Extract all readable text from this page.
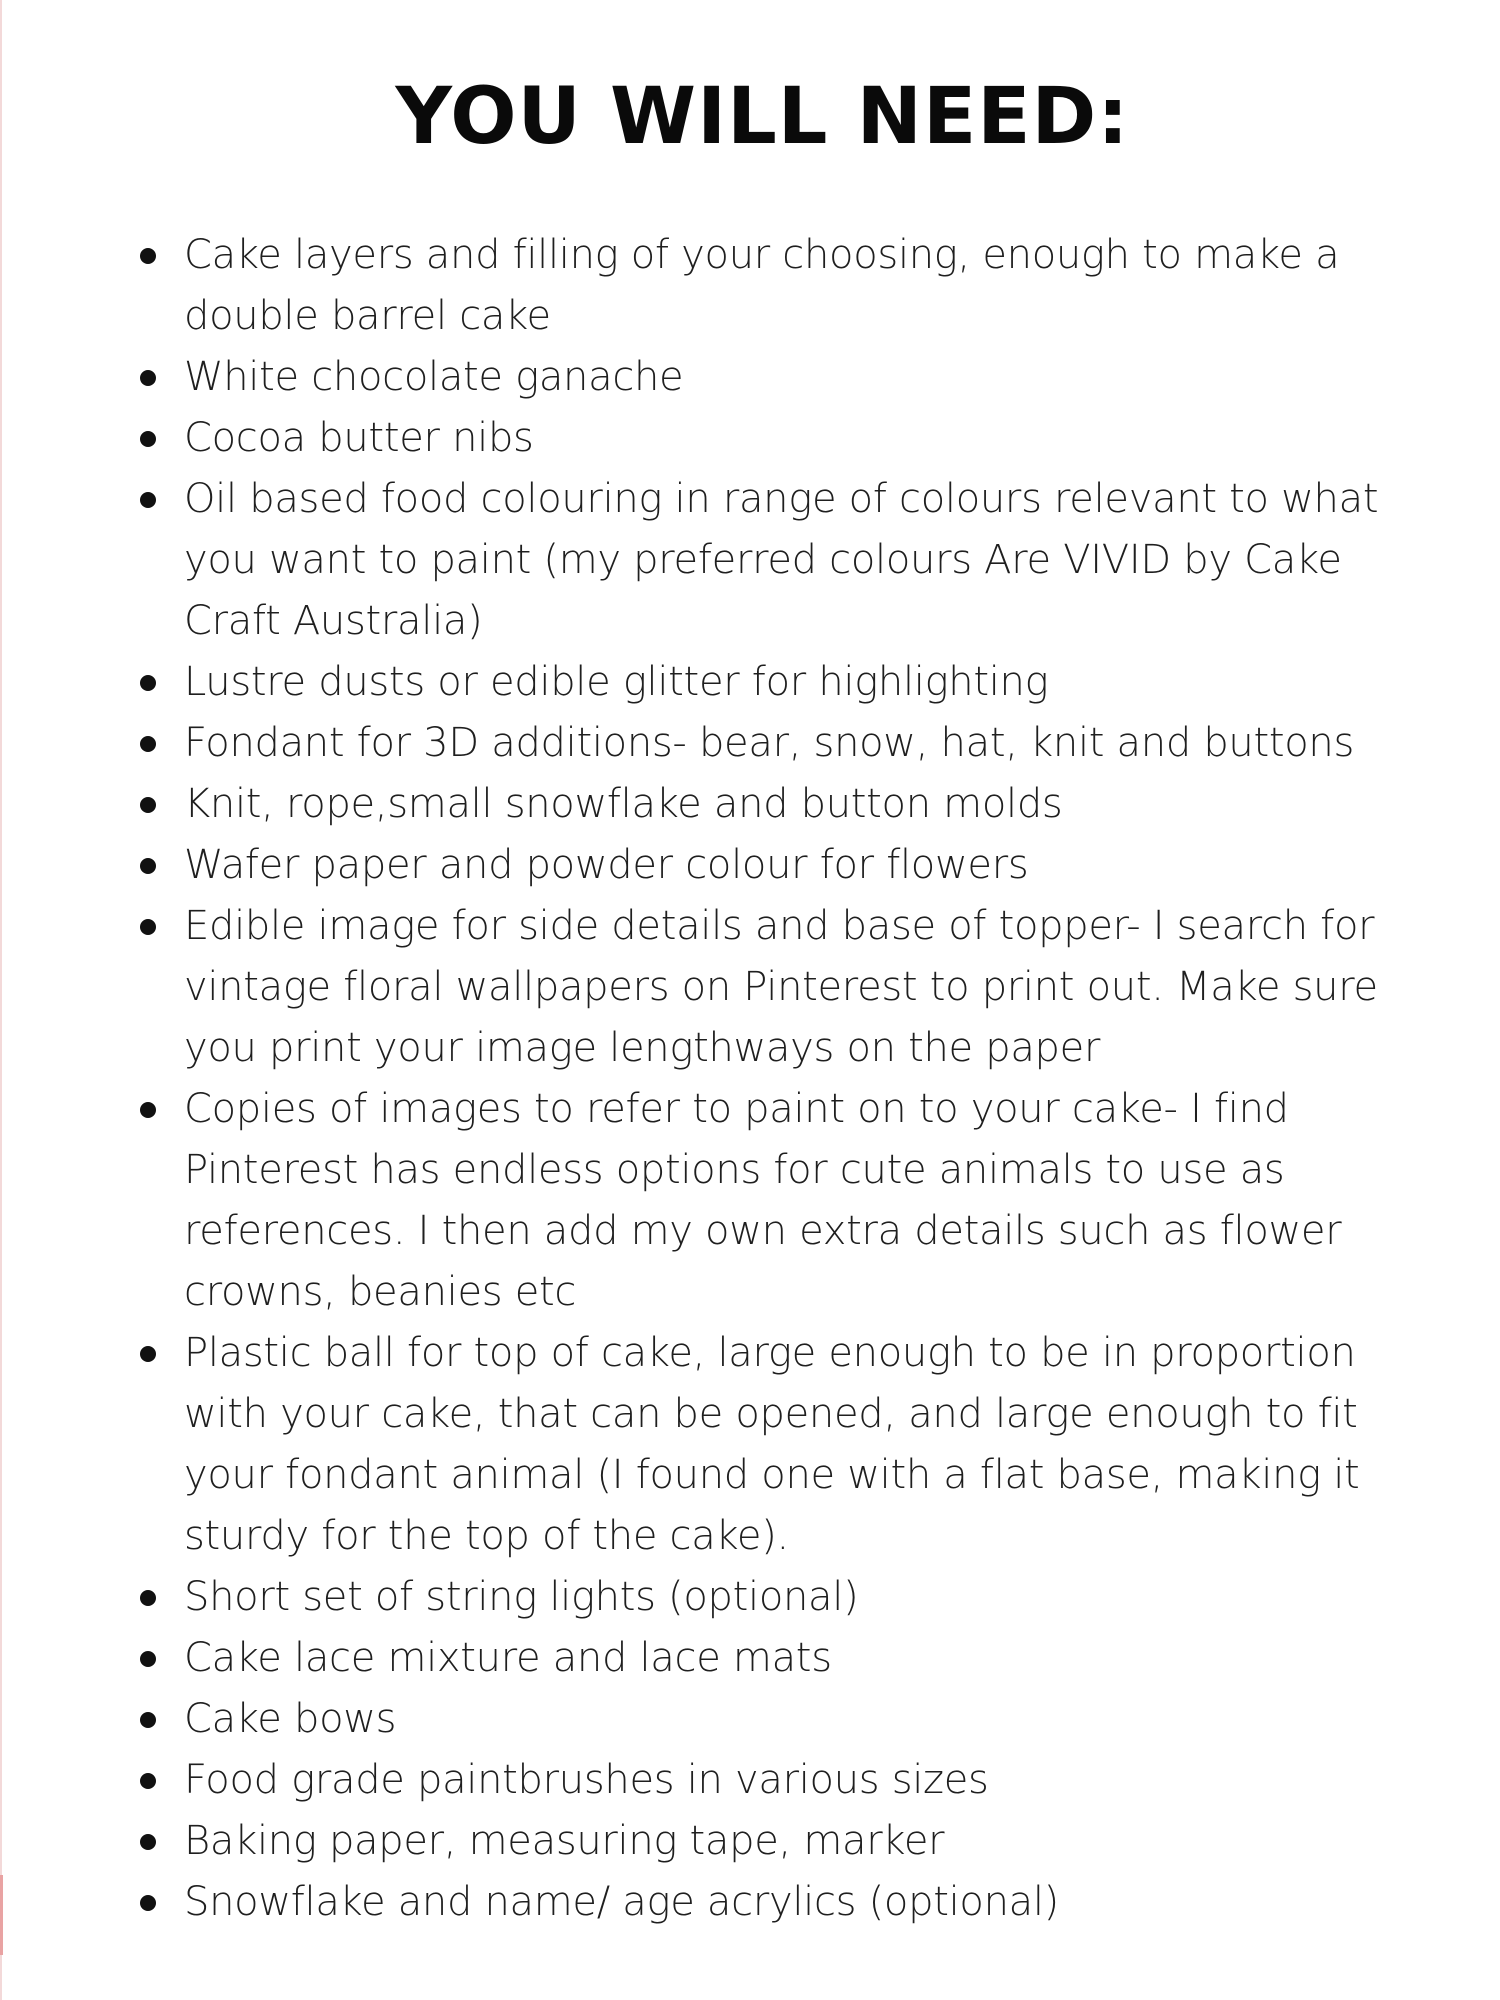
YOU WILL NEED:
Cake layers and filling of your choosing, enough to make a double barrel cake
White chocolate ganache
Cocoa butter nibs
Oil based food colouring in range of colours relevant to what you want to paint (my preferred colours Are VIVID by Cake Craft Australia)
Lustre dusts or edible glitter for highlighting
Fondant for 3D additions- bear, snow, hat, knit and buttons
Knit, rope,small snowflake and button molds
Wafer paper and powder colour for flowers
Edible image for side details and base of topper- I search for vintage floral wallpapers on Pinterest to print out. Make sure you print your image lengthways on the paper
Copies of images to refer to paint on to your cake- I find Pinterest has endless options for cute animals to use as references. I then add my own extra details such as flower crowns, beanies etc
Plastic ball for top of cake, large enough to be in proportion with your cake, that can be opened, and large enough to fit your fondant animal (I found one with a flat base, making it sturdy for the top of the cake).
Short set of string lights (optional)
Cake lace mixture and lace mats
Cake bows
Food grade paintbrushes in various sizes
Baking paper, measuring tape, marker
Snowflake and name/ age acrylics (optional)
